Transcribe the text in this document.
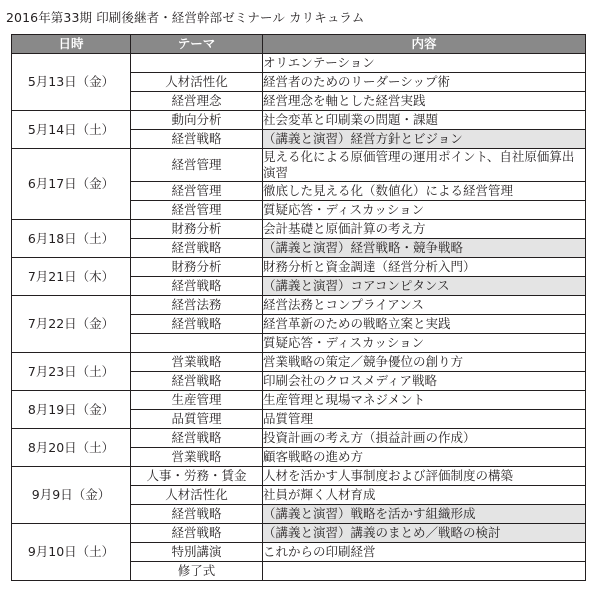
2016年第33期 印刷後継者・経営幹部ゼミナール カリキュラム
日時	テーマ	内容
5月13日（金）		オリエンテーション
	人材活性化	経営者のためのリーダーシップ術
	経営理念	経営理念を軸とした経営実践
5月14日（土）	動向分析	社会変革と印刷業の問題・課題
	経営戦略	（講義と演習）経営方針とビジョン
6月17日（金）	経営管理	見える化による原価管理の運用ポイント、自社原価算出演習
	経営管理	徹底した見える化（数値化）による経営管理
	経営管理	質疑応答・ディスカッション
6月18日（土）	財務分析	会計基礎と原価計算の考え方
	経営戦略	（講義と演習）経営戦略・競争戦略
7月21日（木）	財務分析	財務分析と資金調達（経営分析入門）
	経営戦略	（講義と演習）コアコンピタンス
7月22日（金）	経営法務	経営法務とコンプライアンス
	経営戦略	経営革新のための戦略立案と実践
		質疑応答・ディスカッション
7月23日（土）	営業戦略	営業戦略の策定／競争優位の創り方
	経営戦略	印刷会社のクロスメディア戦略
8月19日（金）	生産管理	生産管理と現場マネジメント
	品質管理	品質管理
8月20日（土）	経営戦略	投資計画の考え方（損益計画の作成）
	営業戦略	顧客戦略の進め方
9月9日（金）	人事・労務・賃金	人材を活かす人事制度および評価制度の構築
	人材活性化	社員が輝く人材育成
	経営戦略	（講義と演習）戦略を活かす組織形成
9月10日（土）	経営戦略	（講義と演習）講義のまとめ／戦略の検討
	特別講演	これからの印刷経営
	修了式	
